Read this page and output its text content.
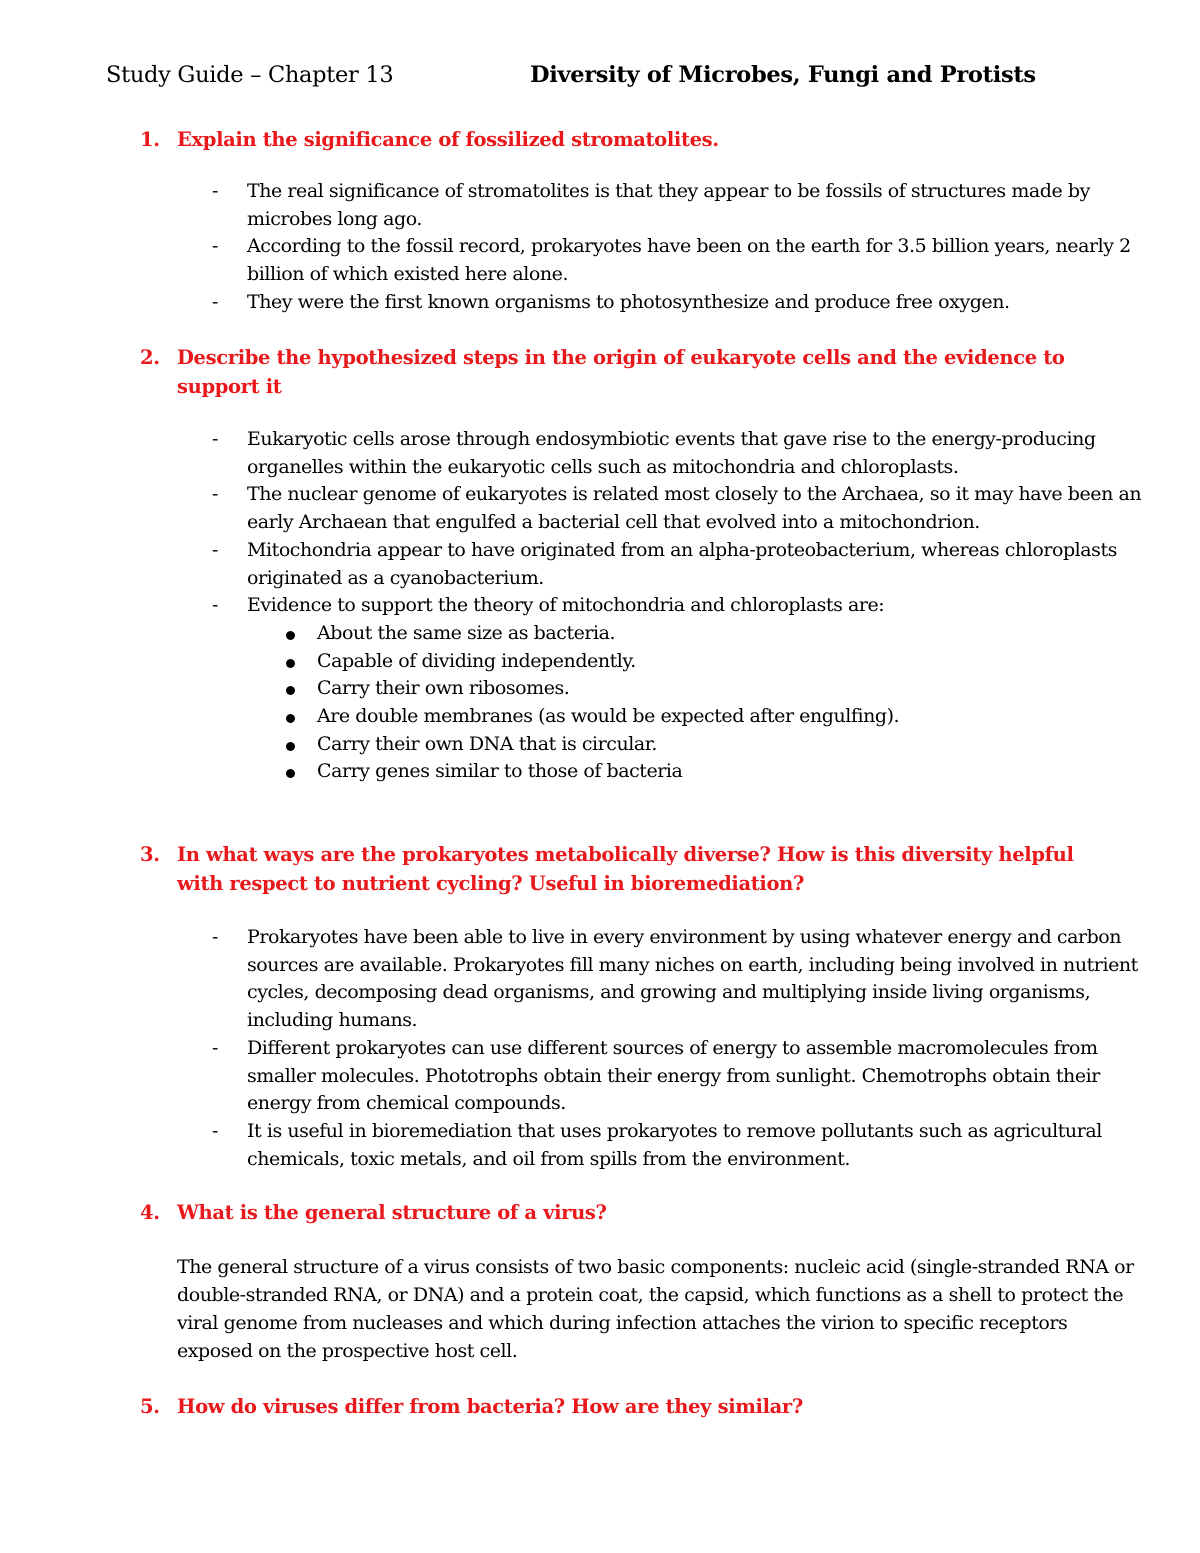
Study Guide – Chapter 13	Diversity of Microbes, Fungi and Protists
1. Explain the significance of fossilized stromatolites.
- The real significance of stromatolites is that they appear to be fossils of structures made by microbes long ago.
- According to the fossil record, prokaryotes have been on the earth for 3.5 billion years, nearly 2 billion of which existed here alone.
- They were the first known organisms to photosynthesize and produce free oxygen.
2. Describe the hypothesized steps in the origin of eukaryote cells and the evidence to support it
- Eukaryotic cells arose through endosymbiotic events that gave rise to the energy-producing organelles within the eukaryotic cells such as mitochondria and chloroplasts.
- The nuclear genome of eukaryotes is related most closely to the Archaea, so it may have been an early Archaean that engulfed a bacterial cell that evolved into a mitochondrion.
- Mitochondria appear to have originated from an alpha-proteobacterium, whereas chloroplasts originated as a cyanobacterium.
- Evidence to support the theory of mitochondria and chloroplasts are:
About the same size as bacteria.
Capable of dividing independently.
Carry their own ribosomes.
Are double membranes (as would be expected after engulfing).
Carry their own DNA that is circular.
Carry genes similar to those of bacteria
3. In what ways are the prokaryotes metabolically diverse? How is this diversity helpful with respect to nutrient cycling? Useful in bioremediation?
- Prokaryotes have been able to live in every environment by using whatever energy and carbon sources are available. Prokaryotes fill many niches on earth, including being involved in nutrient cycles, decomposing dead organisms, and growing and multiplying inside living organisms, including humans.
- Different prokaryotes can use different sources of energy to assemble macromolecules from smaller molecules. Phototrophs obtain their energy from sunlight. Chemotrophs obtain their energy from chemical compounds.
- It is useful in bioremediation that uses prokaryotes to remove pollutants such as agricultural chemicals, toxic metals, and oil from spills from the environment.
4. What is the general structure of a virus?
The general structure of a virus consists of two basic components: nucleic acid (single-stranded RNA or double-stranded RNA, or DNA) and a protein coat, the capsid, which functions as a shell to protect the viral genome from nucleases and which during infection attaches the virion to specific receptors exposed on the prospective host cell.
5. How do viruses differ from bacteria? How are they similar?
